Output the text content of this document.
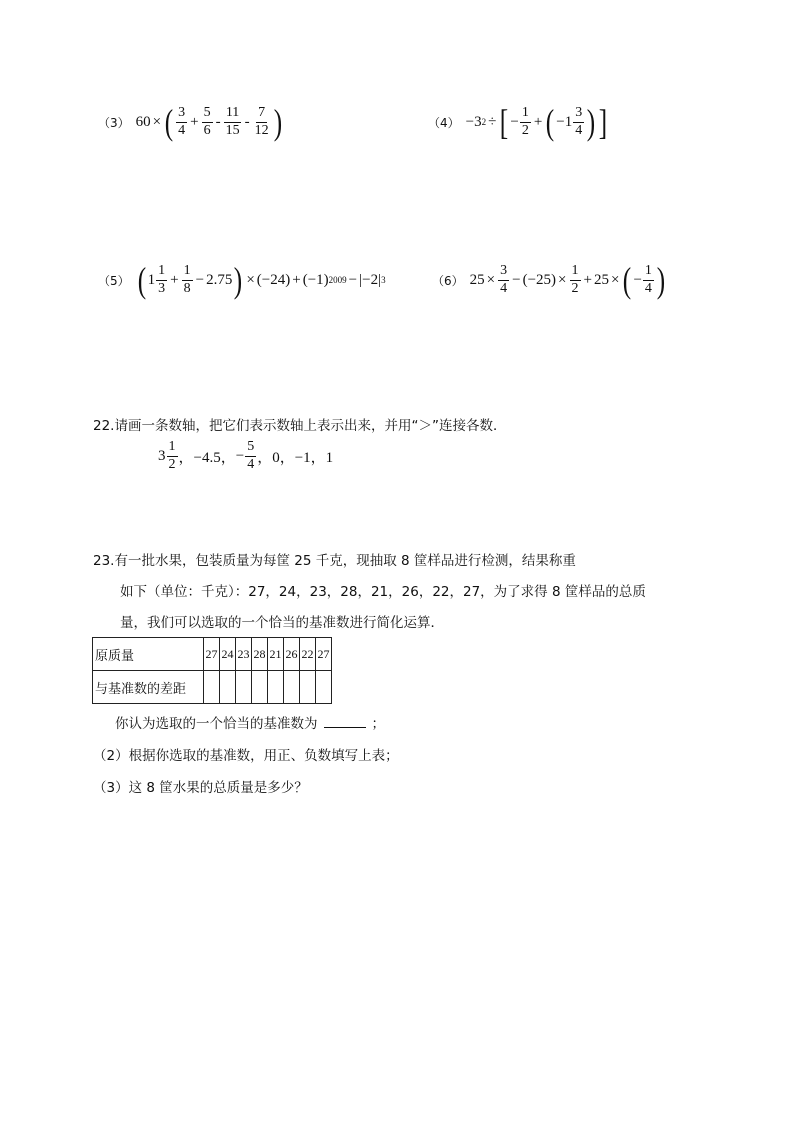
（3） 60 × ( $\frac{3}{4} + \frac{5}{6} - \frac{11}{15} - \frac{7}{12}$ )	（4） −3 2 ÷ [ − $\frac{1}{2}$ + ( $-1 \frac{3}{4}$ ) ]
（5） ( $1 \frac{1}{3} + \frac{1}{8} - 2.75$ ) × (−24) + (−1) 2009 − |−2| 3	（6） $25 \times \frac{3}{4} - (-25) \times \frac{1}{2} + 25$ × ( − $\frac{1}{4}$ )
22.请画一条数轴，把它们表示数轴上表示出来，并用“＞”连接各数．
$3 \frac{1}{2}$ ，−4.5， − $\frac{5}{4}$ ，0，−1，1
23.有一批水果，包装质量为每筐 25 千克，现抽取 8 筐样品进行检测，结果称重
如下（单位：千克）：27，24，23，28，21，26，22，27，为了求得 8 筐样品的总质
量，我们可以选取的一个恰当的基准数进行简化运算．
原质量	27	24	23	28	21	26	22	27
与基准数的差距								
你认为选取的一个恰当的基准数为	；
（2）根据你选取的基准数，用正、负数填写上表；
（3）这 8 筐水果的总质量是多少？
